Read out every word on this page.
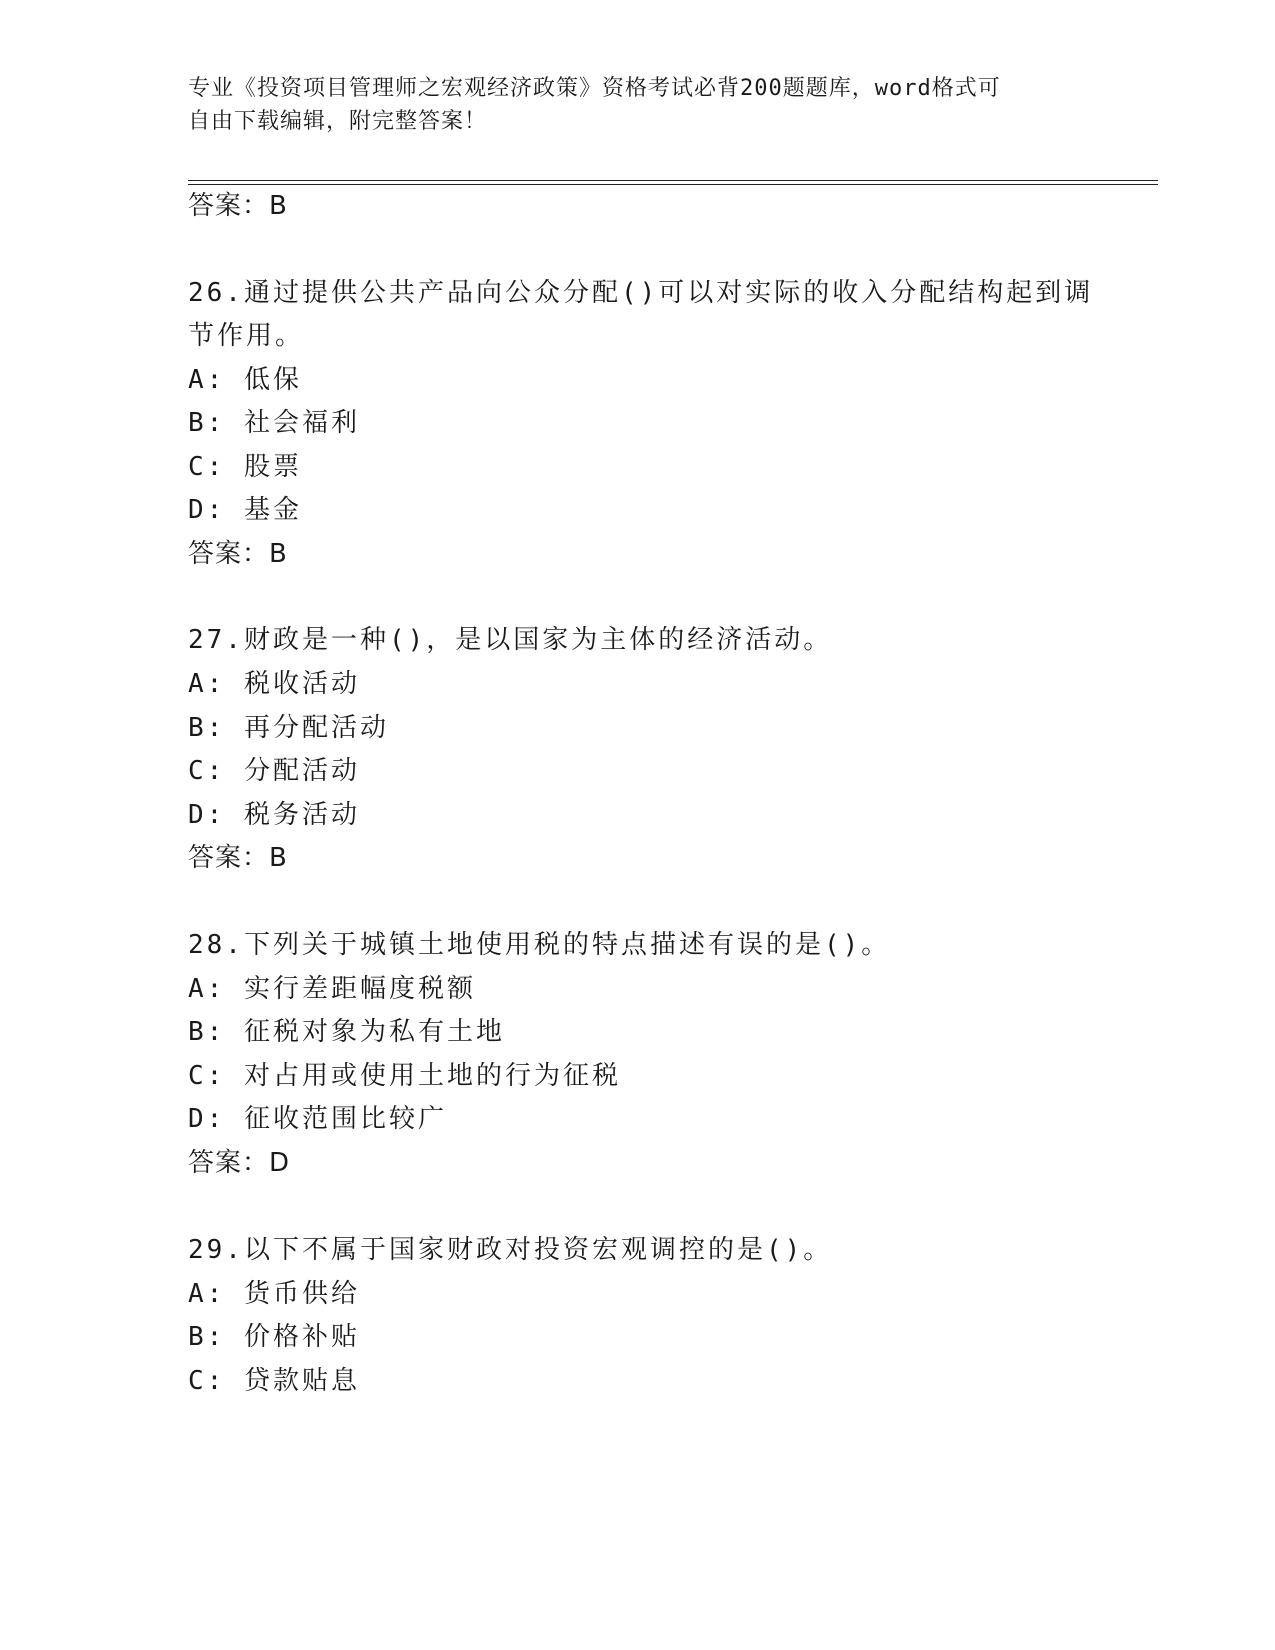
专业《投资项目管理师之宏观经济政策》资格考试必背200题题库，word格式可
自由下载编辑，附完整答案！
答案：B
26.通过提供公共产品向公众分配()可以对实际的收入分配结构起到调
节作用。
A: 低保
B: 社会福利
C: 股票
D: 基金
答案：B
27.财政是一种()，是以国家为主体的经济活动。
A: 税收活动
B: 再分配活动
C: 分配活动
D: 税务活动
答案：B
28.下列关于城镇土地使用税的特点描述有误的是()。
A: 实行差距幅度税额
B: 征税对象为私有土地
C: 对占用或使用土地的行为征税
D: 征收范围比较广
答案：D
29.以下不属于国家财政对投资宏观调控的是()。
A: 货币供给
B: 价格补贴
C: 贷款贴息
